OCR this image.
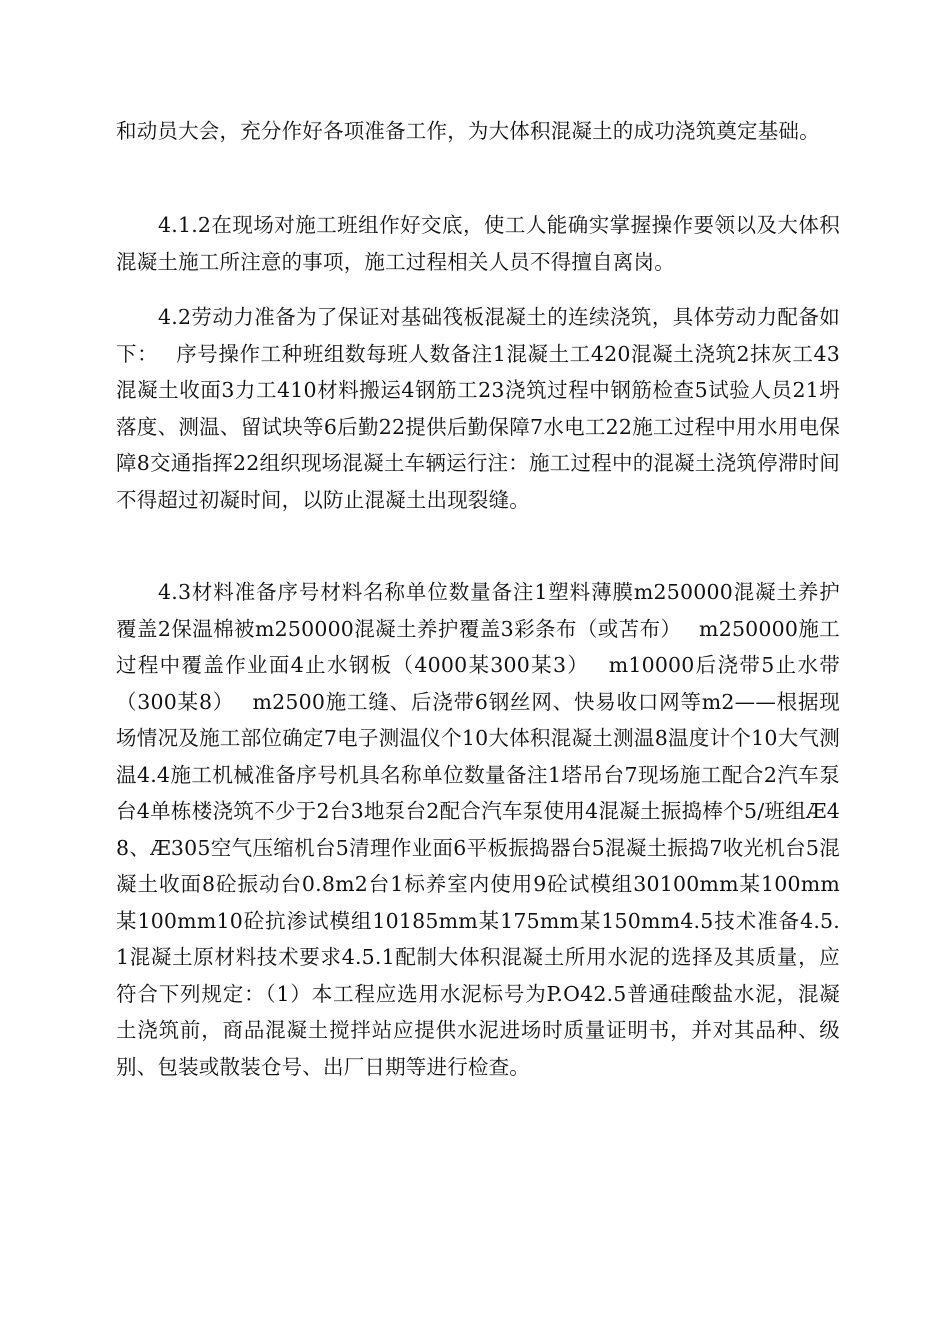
和动员大会，充分作好各项准备工作，为大体积混凝土的成功浇筑奠定基础。

4.1.2在现场对施工班组作好交底，使工人能确实掌握操作要领以及大体积混凝土施工所注意的事项，施工过程相关人员不得擅自离岗。

4.2劳动力准备为了保证对基础筏板混凝土的连续浇筑，具体劳动力配备如下：　 序号操作工种班组数每班人数备注1混凝土工420混凝土浇筑2抹灰工43混凝土收面3力工410材料搬运4钢筋工23浇筑过程中钢筋检查5试验人员21坍落度、测温、留试块等6后勤22提供后勤保障7水电工22施工过程中用水用电保障8交通指挥22组织现场混凝土车辆运行注：施工过程中的混凝土浇筑停滞时间不得超过初凝时间，以防止混凝土出现裂缝。

4.3材料准备序号材料名称单位数量备注1塑料薄膜m250000混凝土养护覆盖2保温棉被m250000混凝土养护覆盖3彩条布（或苫布）　 m250000施工过程中覆盖作业面4止水钢板（4000某300某3）　 m10000后浇带5止水带（300某8）　 m2500施工缝、后浇带6钢丝网、快易收口网等m2——根据现场情况及施工部位确定7电子测温仪个10大体积混凝土测温8温度计个10大气测温4.4施工机械准备序号机具名称单位数量备注1塔吊台7现场施工配合2汽车泵台4单栋楼浇筑不少于2台3地泵台2配合汽车泵使用4混凝土振捣棒个5/班组Æ48、Æ305空气压缩机台5清理作业面6平板振捣器台5混凝土振捣7收光机台5混凝土收面8砼振动台0.8m2台1标养室内使用9砼试模组30100mm某100mm某100mm10砼抗渗试模组10185mm某175mm某150mm4.5技术准备4.5.1混凝土原材料技术要求4.5.1配制大体积混凝土所用水泥的选择及其质量，应符合下列规定：（1）本工程应选用水泥标号为P.O42.5普通硅酸盐水泥，混凝土浇筑前，商品混凝土搅拌站应提供水泥进场时质量证明书，并对其品种、级别、包装或散装仓号、出厂日期等进行检查。
